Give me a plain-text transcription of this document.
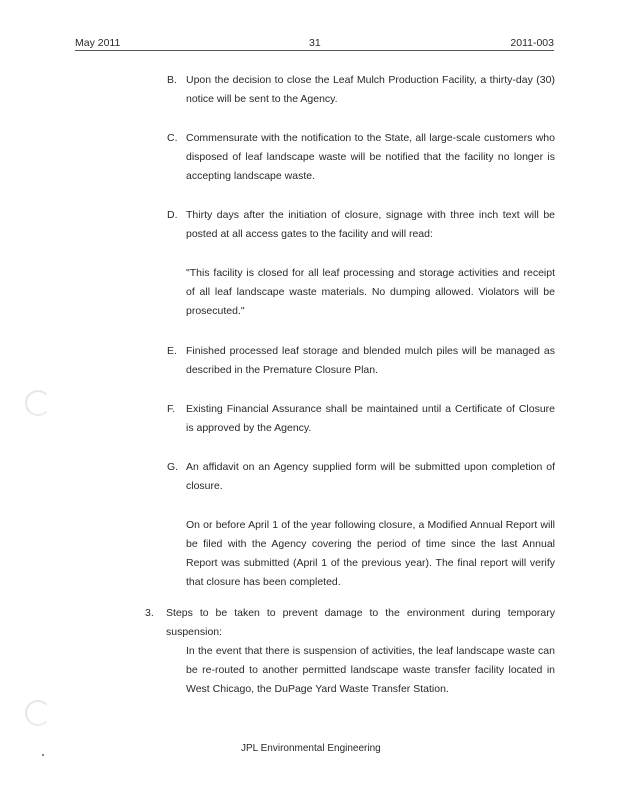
May 2011	31	2011-003
B. Upon the decision to close the Leaf Mulch Production Facility, a thirty-day (30) notice will be sent to the Agency.
C. Commensurate with the notification to the State, all large-scale customers who disposed of leaf landscape waste will be notified that the facility no longer is accepting landscape waste.
D. Thirty days after the initiation of closure, signage with three inch text will be posted at all access gates to the facility and will read:
"This facility is closed for all leaf processing and storage activities and receipt of all leaf landscape waste materials. No dumping allowed. Violators will be prosecuted."
E. Finished processed leaf storage and blended mulch piles will be managed as described in the Premature Closure Plan.
F. Existing Financial Assurance shall be maintained until a Certificate of Closure is approved by the Agency.
G. An affidavit on an Agency supplied form will be submitted upon completion of closure.
On or before April 1 of the year following closure, a Modified Annual Report will be filed with the Agency covering the period of time since the last Annual Report was submitted (April 1 of the previous year). The final report will verify that closure has been completed.
3. Steps to be taken to prevent damage to the environment during temporary suspension:
In the event that there is suspension of activities, the leaf landscape waste can be re-routed to another permitted landscape waste transfer facility located in West Chicago, the DuPage Yard Waste Transfer Station.
JPL Environmental Engineering
